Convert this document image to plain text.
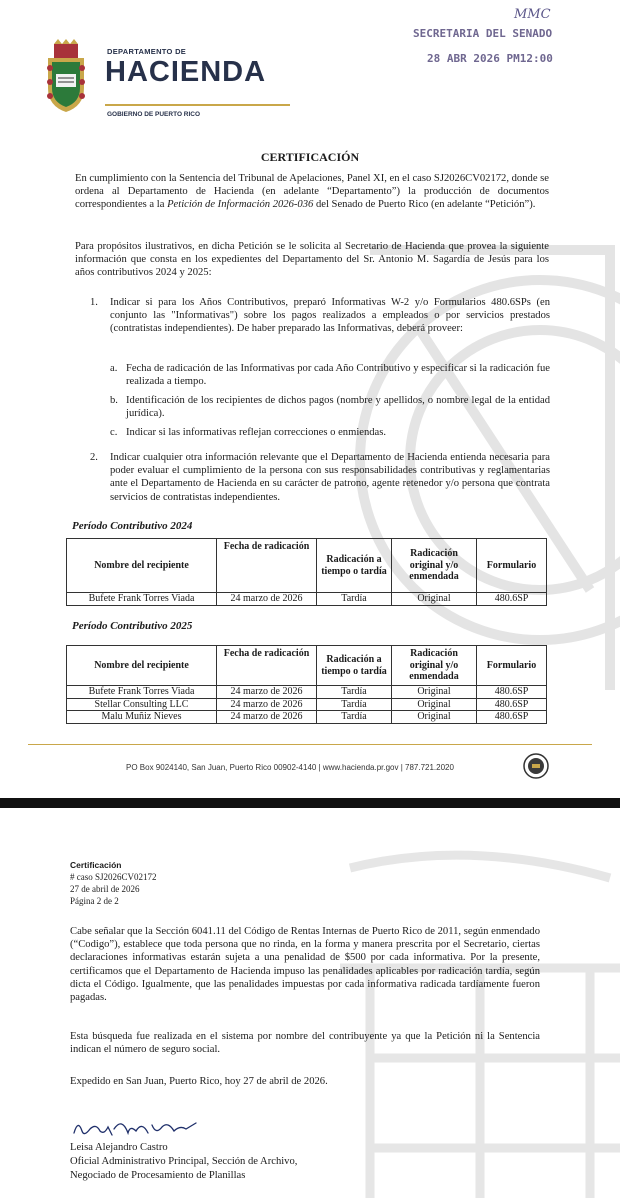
DEPARTAMENTO DE
HACIENDA
GOBIERNO DE PUERTO RICO
MMC
SECRETARIA DEL SENADO
28 ABR 2026 PM12:00
CERTIFICACIÓN

En cumplimiento con la Sentencia del Tribunal de Apelaciones, Panel XI, en el caso SJ2026CV02172, donde se ordena al Departamento de Hacienda (en adelante “Departamento”) la producción de documentos correspondientes a la Petición de Información 2026-036 del Senado de Puerto Rico (en adelante “Petición”).

Para propósitos ilustrativos, en dicha Petición se le solicita al Secretario de Hacienda que provea la siguiente información que consta en los expedientes del Departamento del Sr. Antonio M. Sagardía de Jesús para los años contributivos 2024 y 2025:

1.	Indicar si para los Años Contributivos, preparó Informativas W-2 y/o Formularios 480.6SPs (en conjunto las "Informativas") sobre los pagos realizados a empleados o por servicios prestados (contratistas independientes). De haber preparado las Informativas, deberá proveer:

a. Fecha de radicación de las Informativas por cada Año Contributivo y especificar si la radicación fue realizada a tiempo.

b. Identificación de los recipientes de dichos pagos (nombre y apellidos, o nombre legal de la entidad jurídica).

c. Indicar si las informativas reflejan correcciones o enmiendas.

2.	Indicar cualquier otra información relevante que el Departamento de Hacienda entienda necesaria para poder evaluar el cumplimiento de la persona con sus responsabilidades contributivas y reglamentarias ante el Departamento de Hacienda en su carácter de patrono, agente retenedor y/o persona que contrata servicios de contratistas independientes.

Período Contributivo 2024
Nombre del recipiente	Fecha de radicación	Radicación a tiempo o tardía	Radicación original y/o enmendada	Formulario
Bufete Frank Torres Viada	24 marzo de 2026	Tardía	Original	480.6SP
Período Contributivo 2025
Nombre del recipiente	Fecha de radicación	Radicación a tiempo o tardía	Radicación original y/o enmendada	Formulario
Bufete Frank Torres Viada	24 marzo de 2026	Tardía	Original	480.6SP
Stellar Consulting LLC	24 marzo de 2026	Tardía	Original	480.6SP
Malu Muñiz Nieves	24 marzo de 2026	Tardía	Original	480.6SP
PO Box 9024140, San Juan, Puerto Rico 00902-4140 | www.hacienda.pr.gov | 787.721.2020
Certificación
# caso SJ2026CV02172
27 de abril de 2026
Página 2 de 2

Cabe señalar que la Sección 6041.11 del Código de Rentas Internas de Puerto Rico de 2011, según enmendado (“Codigo”), establece que toda persona que no rinda, en la forma y manera prescrita por el Secretario, ciertas declaraciones informativas estarán sujeta a una penalidad de $500 por cada informativa. Por la presente, certificamos que el Departamento de Hacienda impuso las penalidades aplicables por radicación tardía, según dicta el Código. Igualmente, que las penalidades impuestas por cada informativa radicada tardíamente fueron pagadas.

Esta búsqueda fue realizada en el sistema por nombre del contribuyente ya que la Petición ni la Sentencia indican el número de seguro social.

Expedido en San Juan, Puerto Rico, hoy 27 de abril de 2026.

Leisa Alejandro Castro
Oficial Administrativo Principal, Sección de Archivo,
Negociado de Procesamiento de Planillas
